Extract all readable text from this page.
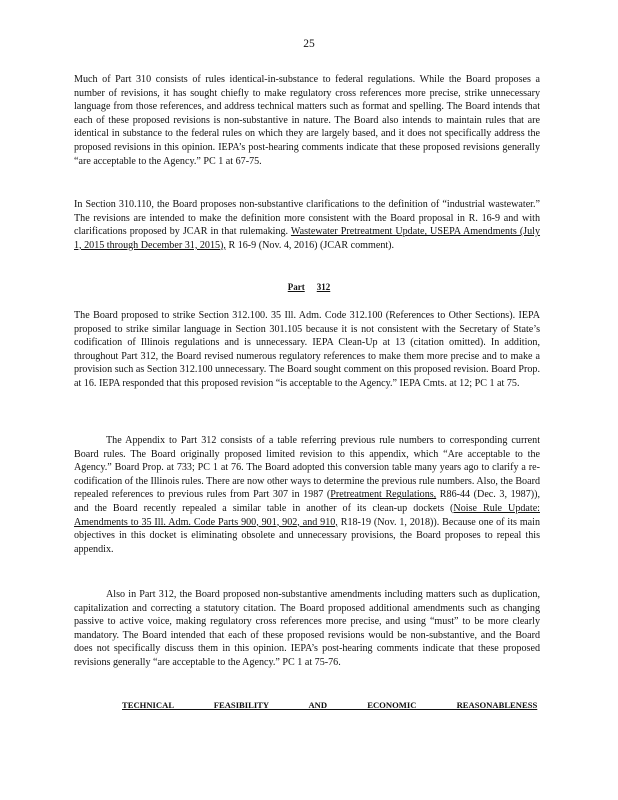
25

Much of Part 310 consists of rules identical-in-substance to federal regulations. While the Board proposes a number of revisions, it has sought chiefly to make regulatory cross references more precise, strike unnecessary language from those references, and address technical matters such as format and spelling. The Board intends that each of these proposed revisions is non-substantive in nature. The Board also intends to maintain rules that are identical in substance to the federal rules on which they are largely based, and it does not specifically address the proposed revisions in this opinion. IEPA’s post-hearing comments indicate that these proposed revisions generally “are acceptable to the Agency.” PC 1 at 67-75.

In Section 310.110, the Board proposes non-substantive clarifications to the definition of “industrial wastewater.” The revisions are intended to make the definition more consistent with the Board proposal in R. 16-9 and with clarifications proposed by JCAR in that rulemaking. Wastewater Pretreatment Update, USEPA Amendments (July 1, 2015 through December 31, 2015), R 16-9 (Nov. 4, 2016) (JCAR comment).

Part 312

The Board proposed to strike Section 312.100. 35 Ill. Adm. Code 312.100 (References to Other Sections). IEPA proposed to strike similar language in Section 301.105 because it is not consistent with the Secretary of State’s codification of Illinois regulations and is unnecessary. IEPA Clean-Up at 13 (citation omitted). In addition, throughout Part 312, the Board revised numerous regulatory references to make them more precise and to make a provision such as Section 312.100 unnecessary. The Board sought comment on this proposed revision. Board Prop. at 16. IEPA responded that this proposed revision “is acceptable to the Agency.” IEPA Cmts. at 12; PC 1 at 75.

The Appendix to Part 312 consists of a table referring previous rule numbers to corresponding current Board rules. The Board originally proposed limited revision to this appendix, which “Are acceptable to the Agency.” Board Prop. at 733; PC 1 at 76. The Board adopted this conversion table many years ago to clarify a re-codification of the Illinois rules. There are now other ways to determine the previous rule numbers. Also, the Board repealed references to previous rules from Part 307 in 1987 (Pretreatment Regulations, R86-44 (Dec. 3, 1987)), and the Board recently repealed a similar table in another of its clean-up dockets (Noise Rule Update: Amendments to 35 Ill. Adm. Code Parts 900, 901, 902, and 910, R18-19 (Nov. 1, 2018)). Because one of its main objectives in this docket is eliminating obsolete and unnecessary provisions, the Board proposes to repeal this appendix.

Also in Part 312, the Board proposed non-substantive amendments including matters such as duplication, capitalization and correcting a statutory citation. The Board proposed additional amendments such as changing passive to active voice, making regulatory cross references more precise, and using “must” to be more clearly mandatory. The Board intended that each of these proposed revisions would be non-substantive, and the Board does not specifically discuss them in this opinion. IEPA’s post-hearing comments indicate that these proposed revisions generally “are acceptable to the Agency.” PC 1 at 75-76.

TECHNICAL FEASIBILITY AND ECONOMIC REASONABLENESS
